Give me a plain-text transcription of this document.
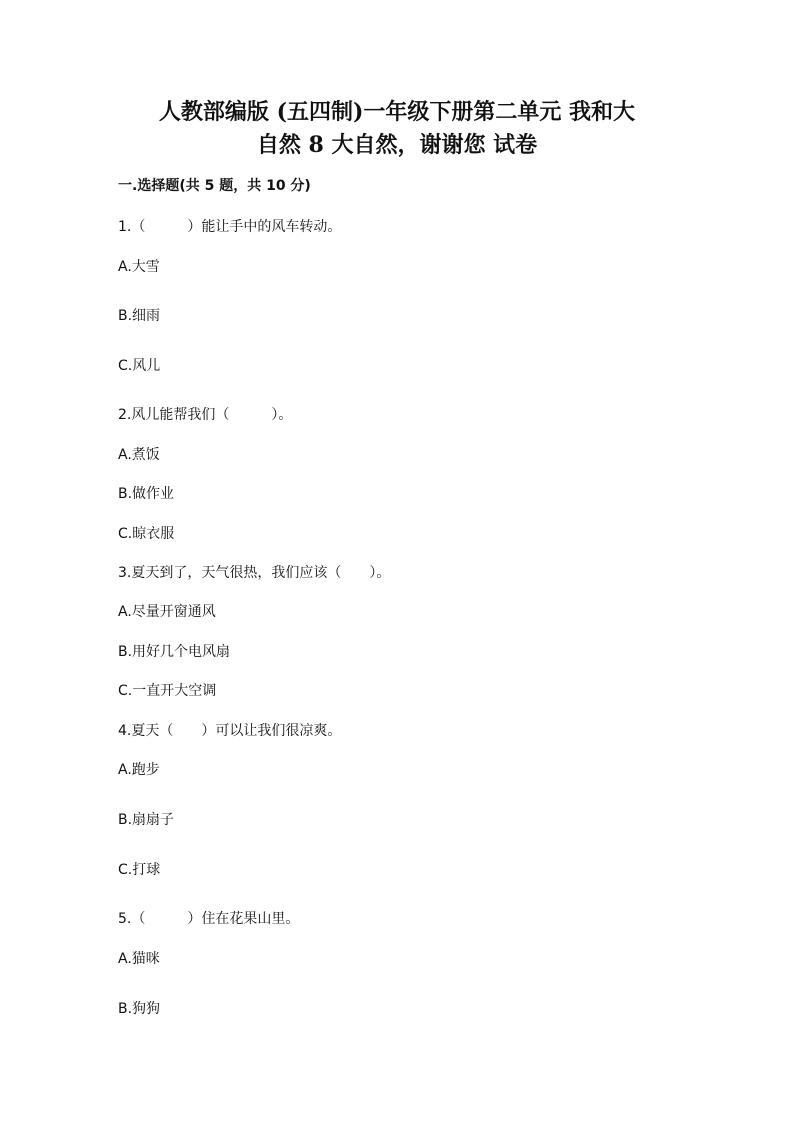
人教部编版 (五四制)一年级下册第二单元 我和大
自然 8 大自然，谢谢您 试卷
一.选择题(共 5 题，共 10 分)

1.（　　　）能让手中的风车转动。

A.大雪

B.细雨

C.风儿

2.风儿能帮我们（　　　）。

A.煮饭

B.做作业

C.晾衣服

3.夏天到了，天气很热，我们应该（　　）。

A.尽量开窗通风

B.用好几个电风扇

C.一直开大空调

4.夏天（　　）可以让我们很凉爽。

A.跑步

B.扇扇子

C.打球

5.（　　　）住在花果山里。

A.猫咪

B.狗狗
